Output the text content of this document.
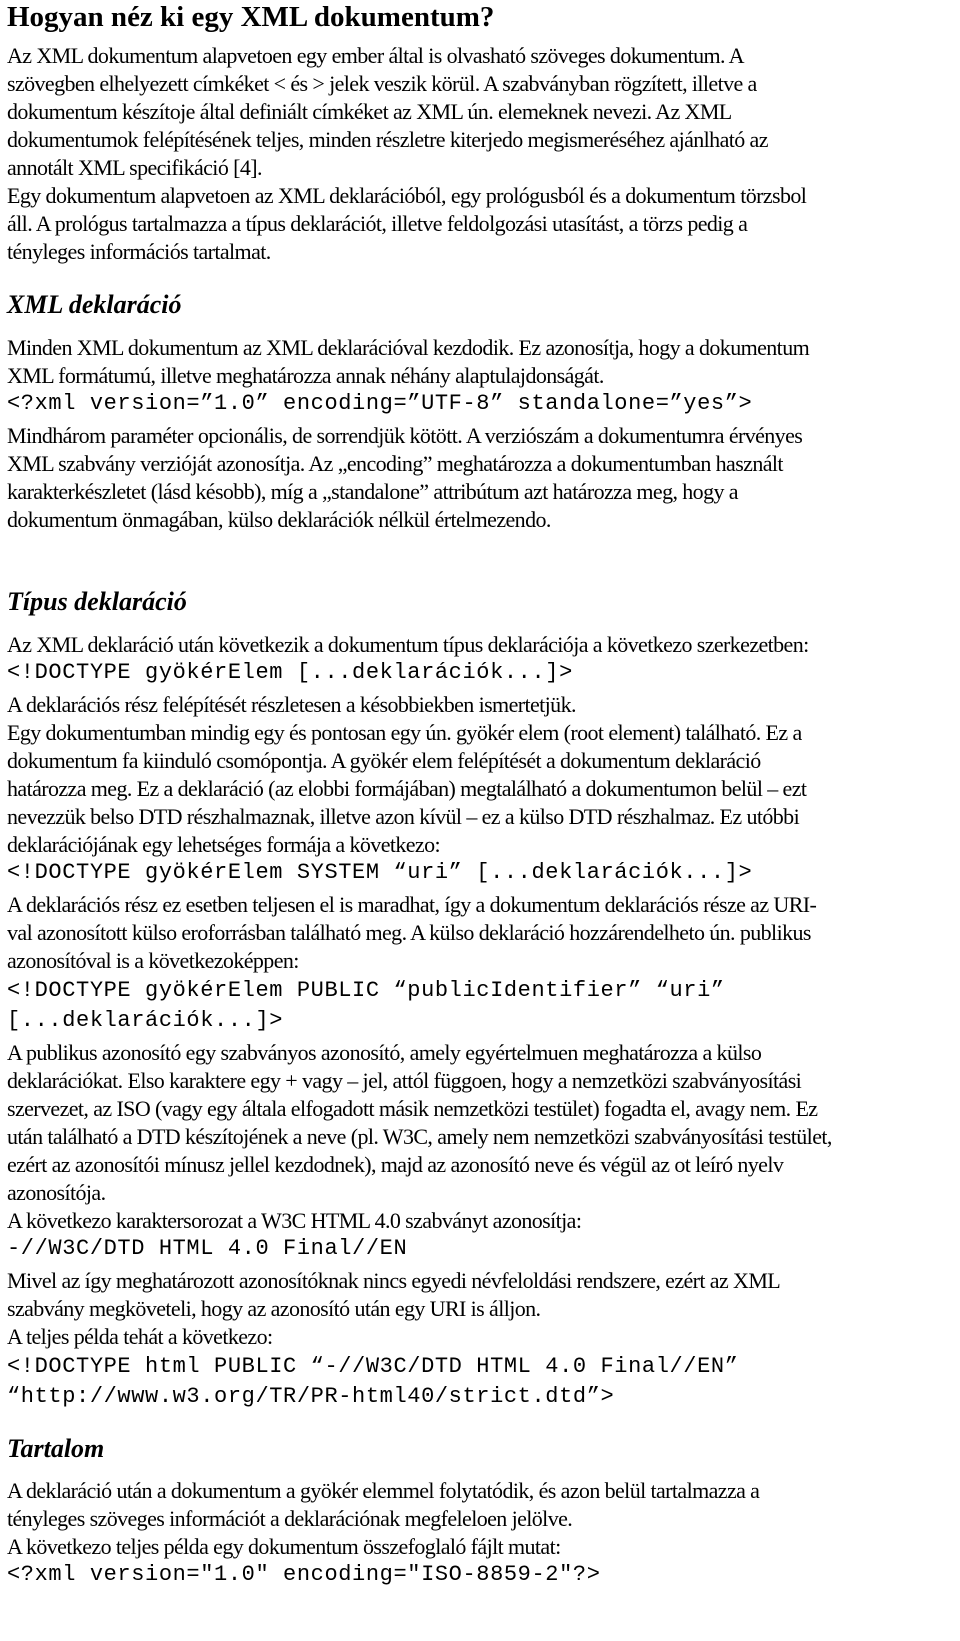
Hogyan néz ki egy XML dokumentum?
Az XML dokumentum alapvetoen egy ember által is olvasható szöveges dokumentum. A
szövegben elhelyezett címkéket < és > jelek veszik körül. A szabványban rögzített, illetve a
dokumentum készítoje által definiált címkéket az XML ún. elemeknek nevezi. Az XML
dokumentumok felépítésének teljes, minden részletre kiterjedo megismeréséhez ajánlható az
annotált XML specifikáció [4].
Egy dokumentum alapvetoen az XML deklarációból, egy prológusból és a dokumentum törzsbol
áll. A prológus tartalmazza a típus deklarációt, illetve feldolgozási utasítást, a törzs pedig a
tényleges információs tartalmat.
XML deklaráció
Minden XML dokumentum az XML deklarációval kezdodik. Ez azonosítja, hogy a dokumentum
XML formátumú, illetve meghatározza annak néhány alaptulajdonságát.
<?xml version=”1.0” encoding=”UTF-8” standalone=”yes”>
Mindhárom paraméter opcionális, de sorrendjük kötött. A verziószám a dokumentumra érvényes
XML szabvány verzióját azonosítja. Az „encoding” meghatározza a dokumentumban használt
karakterkészletet (lásd késobb), míg a „standalone” attribútum azt határozza meg, hogy a
dokumentum önmagában, külso deklarációk nélkül értelmezendo.
Típus deklaráció
Az XML deklaráció után következik a dokumentum típus deklarációja a következo szerkezetben:
<!DOCTYPE gyökérElem [...deklarációk...]>
A deklarációs rész felépítését részletesen a késobbiekben ismertetjük.
Egy dokumentumban mindig egy és pontosan egy ún. gyökér elem (root element) található. Ez a
dokumentum fa kiinduló csomópontja. A gyökér elem felépítését a dokumentum deklaráció
határozza meg. Ez a deklaráció (az elobbi formájában) megtalálható a dokumentumon belül – ezt
nevezzük belso DTD részhalmaznak, illetve azon kívül – ez a külso DTD részhalmaz. Ez utóbbi
deklarációjának egy lehetséges formája a következo:
<!DOCTYPE gyökérElem SYSTEM “uri” [...deklarációk...]>
A deklarációs rész ez esetben teljesen el is maradhat, így a dokumentum deklarációs része az URI-
val azonosított külso eroforrásban található meg. A külso deklaráció hozzárendelheto ún. publikus
azonosítóval is a következoképpen:
<!DOCTYPE gyökérElem PUBLIC “publicIdentifier” “uri”
[...deklarációk...]>
A publikus azonosító egy szabványos azonosító, amely egyértelmuen meghatározza a külso
deklarációkat. Elso karaktere egy + vagy – jel, attól függoen, hogy a nemzetközi szabványosítási
szervezet, az ISO (vagy egy általa elfogadott másik nemzetközi testület) fogadta el, avagy nem. Ez
után található a DTD készítojének a neve (pl. W3C, amely nem nemzetközi szabványosítási testület,
ezért az azonosítói mínusz jellel kezdodnek), majd az azonosító neve és végül az ot leíró nyelv
azonosítója.
A következo karaktersorozat a W3C HTML 4.0 szabványt azonosítja:
-//W3C/DTD HTML 4.0 Final//EN
Mivel az így meghatározott azonosítóknak nincs egyedi névfeloldási rendszere, ezért az XML
szabvány megköveteli, hogy az azonosító után egy URI is álljon.
A teljes példa tehát a következo:
<!DOCTYPE html PUBLIC “-//W3C/DTD HTML 4.0 Final//EN”
“http://www.w3.org/TR/PR-html40/strict.dtd”>
Tartalom
A deklaráció után a dokumentum a gyökér elemmel folytatódik, és azon belül tartalmazza a
tényleges szöveges információt a deklarációnak megfeleloen jelölve.
A következo teljes példa egy dokumentum összefoglaló fájlt mutat:
<?xml version="1.0" encoding="ISO-8859-2"?>
